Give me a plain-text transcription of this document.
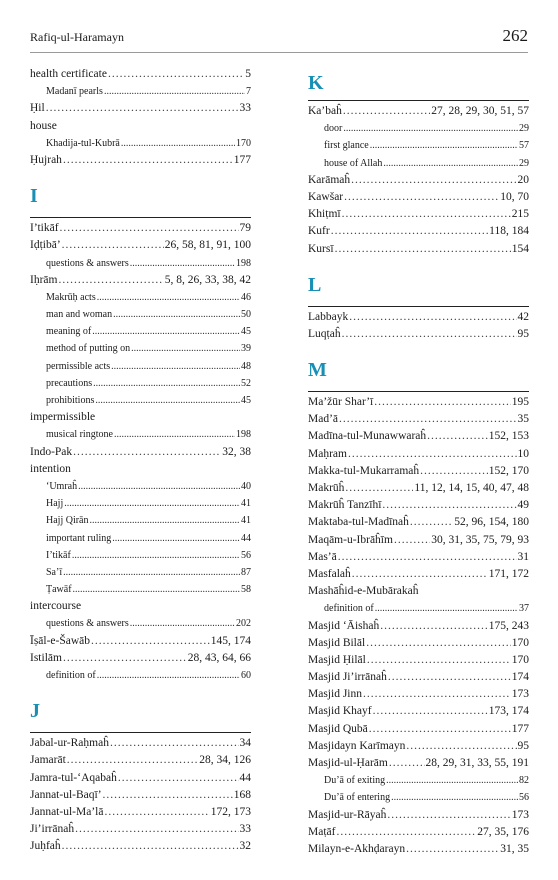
Rafiq-ul-Haramayn	262
health certificate .....	5
Madanī pearls .....	7
Ḥil .....	33
house
Khadija-tul-Kubrā .....	170
Ḥujrah .....	177
I
I’tikāf .....	79
Iḍṭibā’ .....	26, 58, 81, 91, 100
questions & answers .....	198
Iḥrām .....	5, 8, 26, 33, 38, 42
Makrūḥ acts .....	46
man and woman .....	50
meaning of .....	45
method of putting on .....	39
permissible acts .....	48
precautions .....	52
prohibitions .....	45
impermissible
musical ringtone .....	198
Indo-Pak .....	32, 38
intention
‘Umraĥ .....	40
Hajj .....	41
Hajj Qirān .....	41
important ruling .....	44
I’tikāf .....	56
Sa’ī .....	87
Ṭawāf .....	58
intercourse
questions & answers .....	202
Īṣāl-e-Šawāb .....	145, 174
Istilām .....	28, 43, 64, 66
definition of .....	60
J
Jabal-ur-Raḥmaĥ .....	34
Jamarāt .....	28, 34, 126
Jamra-tul-‘Aqabaĥ .....	44
Jannat-ul-Baqī’ .....	168
Jannat-ul-Ma’lā .....	172, 173
Ji’irrānaĥ .....	33
Juḥfaĥ .....	32
K
Ka’baĥ .....	27, 28, 29, 30, 51, 57
door .....	29
first glance .....	57
house of Allah .....	29
Karāmaĥ .....	20
Kawšar .....	10, 70
Khiṭmī .....	215
Kufr .....	118, 184
Kursī .....	154
L
Labbayk .....	42
Luqṭaĥ .....	95
M
Ma’žūr Shar’ī .....	195
Mad’ā .....	35
Madīna-tul-Munawwaraĥ .....	152, 153
Maḥram .....	10
Makka-tul-Mukarramaĥ .....	152, 170
Makrūĥ .....	11, 12, 14, 15, 40, 47, 48
Makrūĥ Tanzīhī .....	49
Maktaba-tul-Madīnaĥ .....	52, 96, 154, 180
Maqām-u-Ibrāĥīm .....	30, 31, 35, 75, 79, 93
Mas’ā .....	31
Masfalaĥ .....	171, 172
Mashāĥid-e-Mubārakaĥ
definition of .....	37
Masjid ‘Āishaĥ .....	175, 243
Masjid Bilāl .....	170
Masjid Ḥilāl .....	170
Masjid Ji’irrānaĥ .....	174
Masjid Jinn .....	173
Masjid Khayf .....	173, 174
Masjid Qubā .....	177
Masjidayn Karīmayn .....	95
Masjid-ul-Ḥarām .....	28, 29, 31, 33, 55, 191
Du’ā of exiting .....	82
Du’ā of entering .....	56
Masjid-ur-Rāyaĥ .....	173
Maṭāf .....	27, 35, 176
Milayn-e-Akhḍarayn .....	31, 35
